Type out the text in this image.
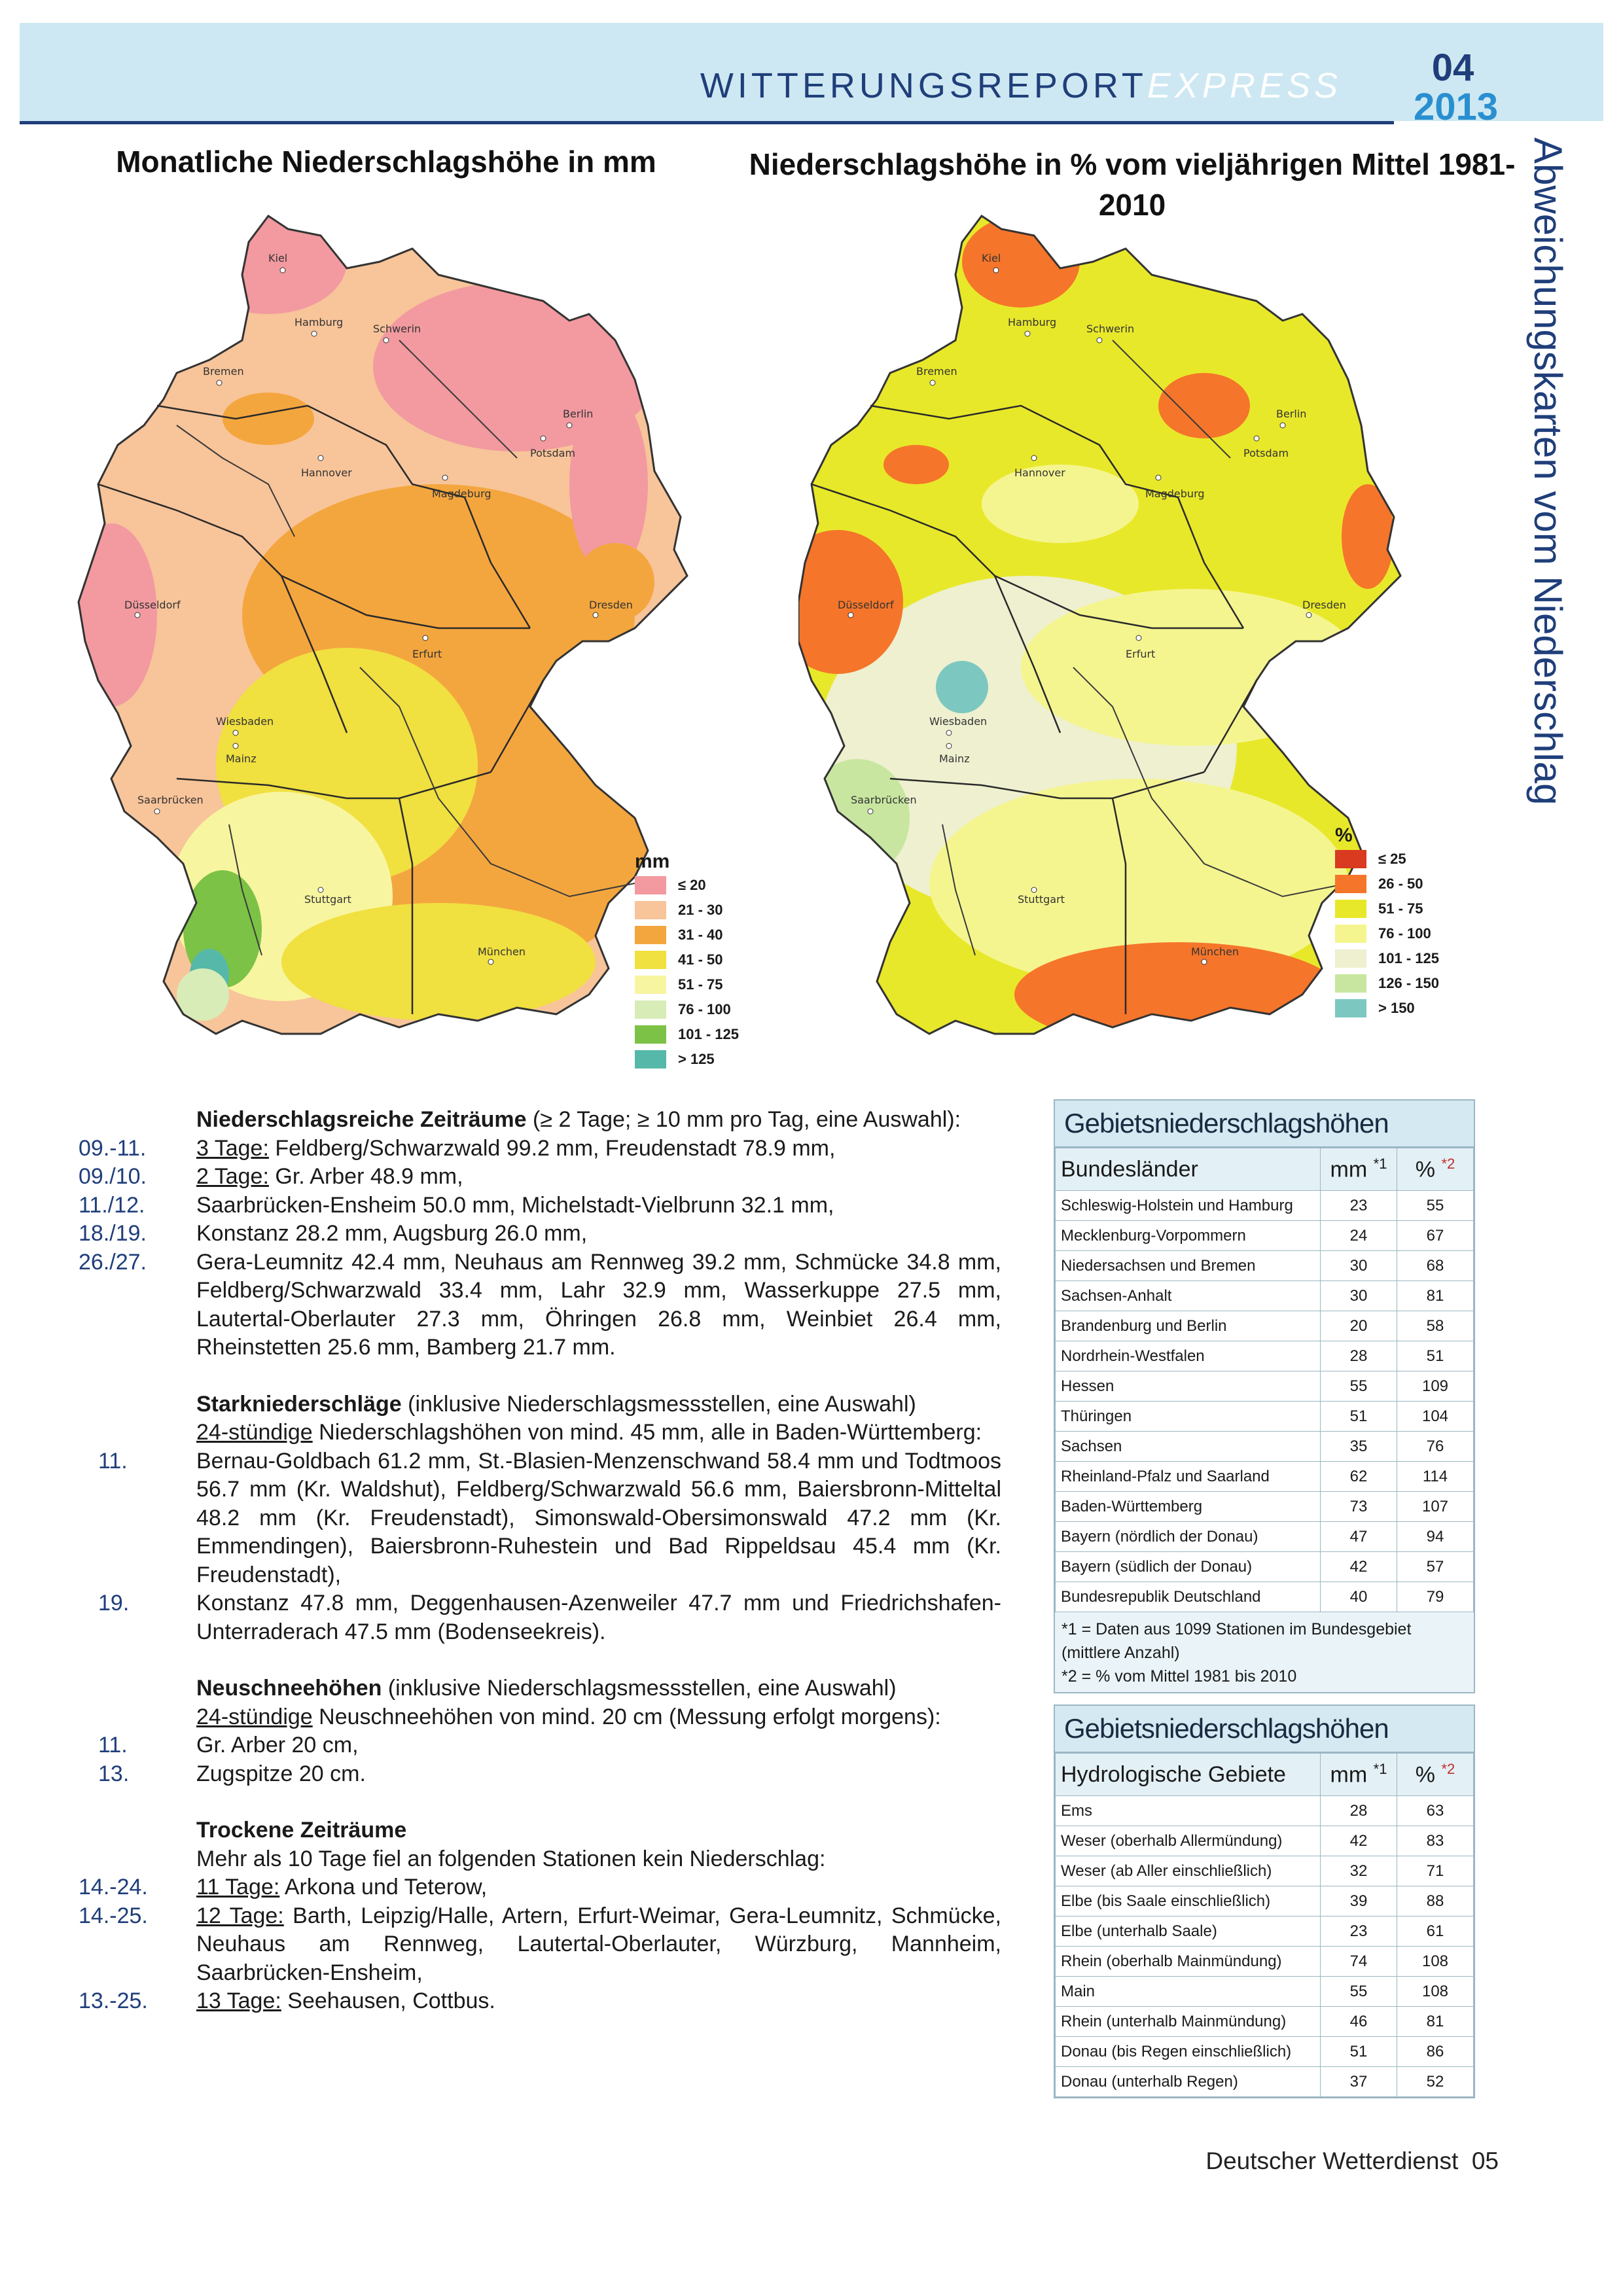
WITTERUNGSREPORTEXPRESS	04
2013
Abweichungskarten vom Niederschlag
Monatliche Niederschlagshöhe in mm	Niederschlagshöhe in % vom vieljährigen Mittel 1981-2010
Kiel
Hamburg
Schwerin
Bremen
Berlin
Potsdam
Hannover
Magdeburg
Düsseldorf	Dresden
Erfurt
Wiesbaden
Mainz
Saarbrücken
Stuttgart
München
mm
≤ 20
21 - 30
31 - 40
41 - 50
51 - 75
76 - 100
101 - 125
> 125
Kiel
Hamburg
Schwerin
Bremen
Berlin
Potsdam
Hannover
Magdeburg
Düsseldorf	Dresden
Erfurt
Wiesbaden
Mainz
Saarbrücken
Stuttgart
München
%
≤ 25
26 - 50
51 - 75
76 - 100
101 - 125
126 - 150
> 150
Niederschlagsreiche Zeiträume (≥ 2 Tage; ≥ 10 mm pro Tag, eine Auswahl):
09.-11.	3 Tage: Feldberg/Schwarzwald 99.2 mm, Freudenstadt 78.9 mm,
09./10.	2 Tage: Gr. Arber 48.9 mm,
11./12.	Saarbrücken-Ensheim 50.0 mm, Michelstadt-Vielbrunn 32.1 mm,
18./19.	Konstanz 28.2 mm, Augsburg 26.0 mm,
26./27.	Gera-Leumnitz 42.4 mm, Neuhaus am Rennweg 39.2 mm, Schmücke 34.8 mm, Feldberg/Schwarzwald 33.4 mm, Lahr 32.9 mm, Wasserkuppe 27.5 mm, Lautertal-Oberlauter 27.3 mm, Öhringen 26.8 mm, Weinbiet 26.4 mm, Rheinstetten 25.6 mm, Bamberg 21.7 mm.
Starkniederschläge (inklusive Niederschlagsmessstellen, eine Auswahl)
24-stündige Niederschlagshöhen von mind. 45 mm, alle in Baden-Württemberg:
11.	Bernau-Goldbach 61.2 mm, St.-Blasien-Menzenschwand 58.4 mm und Todtmoos 56.7 mm (Kr. Waldshut), Feldberg/Schwarzwald 56.6 mm, Baiersbronn-Mitteltal 48.2 mm (Kr. Freudenstadt), Simonswald-Obersimonswald 47.2 mm (Kr. Emmendingen), Baiersbronn-Ruhestein und Bad Rippeldsau 45.4 mm (Kr. Freudenstadt),
19.	Konstanz 47.8 mm, Deggenhausen-Azenweiler 47.7 mm und Friedrichshafen-Unterraderach 47.5 mm (Bodenseekreis).
Neuschneehöhen (inklusive Niederschlagsmessstellen, eine Auswahl)
24-stündige Neuschneehöhen von mind. 20 cm (Messung erfolgt morgens):
11.	Gr. Arber 20 cm,
13.	Zugspitze 20 cm.
Trockene Zeiträume
Mehr als 10 Tage fiel an folgenden Stationen kein Niederschlag:
14.-24.	11 Tage: Arkona und Teterow,
14.-25.	12 Tage: Barth, Leipzig/Halle, Artern, Erfurt-Weimar, Gera-Leumnitz, Schmücke, Neuhaus am Rennweg, Lautertal-Oberlauter, Würzburg, Mannheim, Saarbrücken-Ensheim,
13.-25.	13 Tage: Seehausen, Cottbus.
Gebietsniederschlagshöhen
Bundesländer	mm $^{*1}$	% $^{*2}$
Schleswig-Holstein und Hamburg	23	55
Mecklenburg-Vorpommern	24	67
Niedersachsen und Bremen	30	68
Sachsen-Anhalt	30	81
Brandenburg und Berlin	20	58
Nordrhein-Westfalen	28	51
Hessen	55	109
Thüringen	51	104
Sachsen	35	76
Rheinland-Pfalz und Saarland	62	114
Baden-Württemberg	73	107
Bayern (nördlich der Donau)	47	94
Bayern (südlich der Donau)	42	57
Bundesrepublik Deutschland	40	79
*1 = Daten aus 1099 Stationen im Bundesgebiet (mittlere Anzahl)
*2 = % vom Mittel 1981 bis 2010
Gebietsniederschlagshöhen
Hydrologische Gebiete	mm $^{*1}$	% $^{*2}$
Ems	28	63
Weser (oberhalb Allermündung)	42	83
Weser (ab Aller einschließlich)	32	71
Elbe (bis Saale einschließlich)	39	88
Elbe (unterhalb Saale)	23	61
Rhein (oberhalb Mainmündung)	74	108
Main	55	108
Rhein (unterhalb Mainmündung)	46	81
Donau (bis Regen einschließlich)	51	86
Donau (unterhalb Regen)	37	52
Deutscher Wetterdienst 05
